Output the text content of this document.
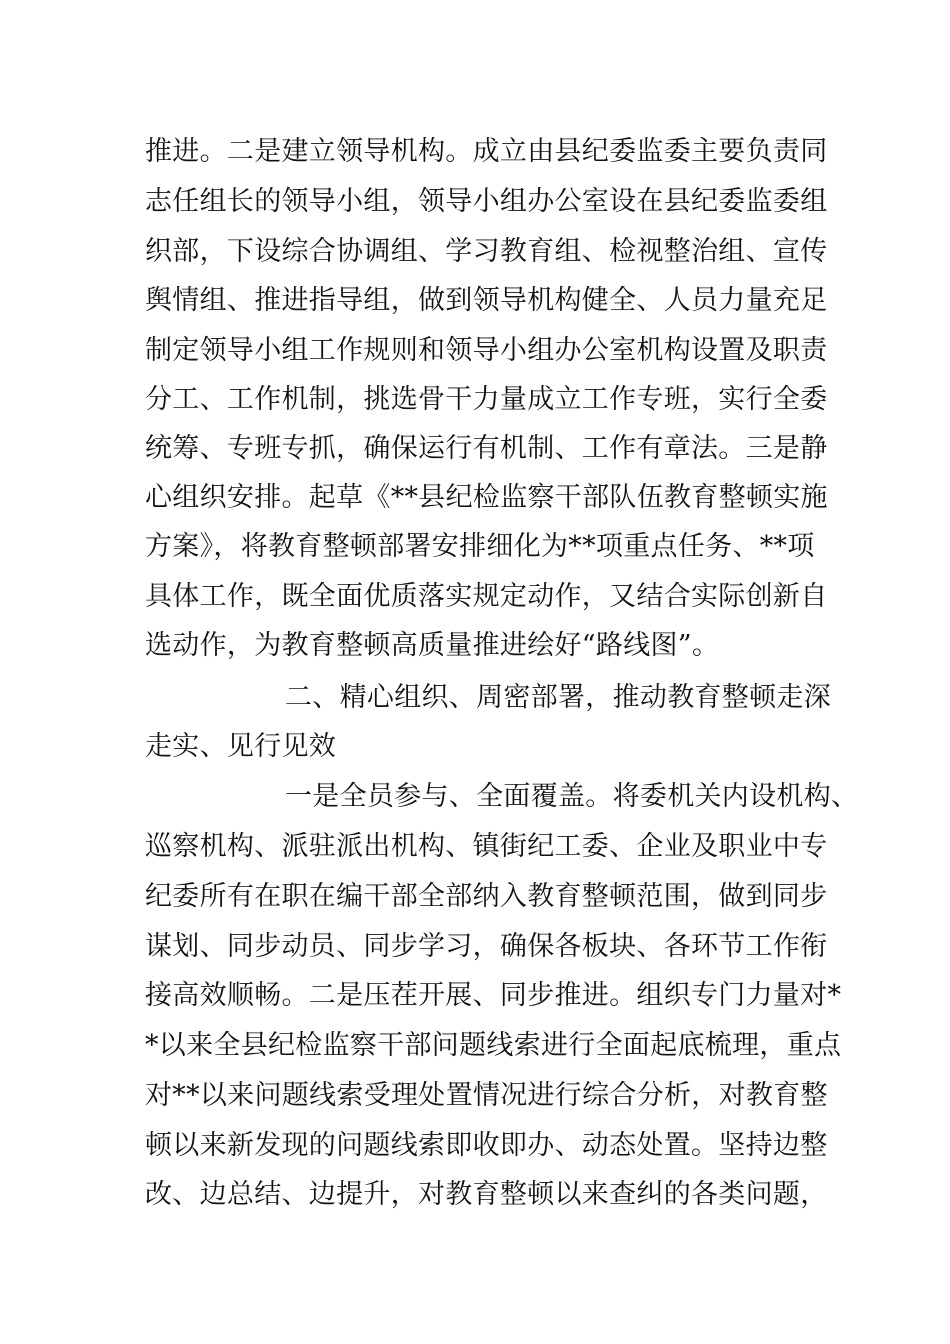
推进。二是建立领导机构。成立由县纪委监委主要负责同
志任组长的领导小组，领导小组办公室设在县纪委监委组
织部，下设综合协调组、学习教育组、检视整治组、宣传
舆情组、推进指导组，做到领导机构健全、人员力量充足
制定领导小组工作规则和领导小组办公室机构设置及职责
分工、工作机制，挑选骨干力量成立工作专班，实行全委
统筹、专班专抓，确保运行有机制、工作有章法。三是静
心组织安排。起草《**县纪检监察干部队伍教育整顿实施
方案》，将教育整顿部署安排细化为**项重点任务、**项
具体工作，既全面优质落实规定动作，又结合实际创新自
选动作，为教育整顿高质量推进绘好“路线图”。
二、精心组织、周密部署，推动教育整顿走深
走实、见行见效
一是全员参与、全面覆盖。将委机关内设机构、
巡察机构、派驻派出机构、镇街纪工委、企业及职业中专
纪委所有在职在编干部全部纳入教育整顿范围，做到同步
谋划、同步动员、同步学习，确保各板块、各环节工作衔
接高效顺畅。二是压茬开展、同步推进。组织专门力量对*
*以来全县纪检监察干部问题线索进行全面起底梳理，重点
对**以来问题线索受理处置情况进行综合分析，对教育整
顿以来新发现的问题线索即收即办、动态处置。坚持边整
改、边总结、边提升，对教育整顿以来查纠的各类问题，
